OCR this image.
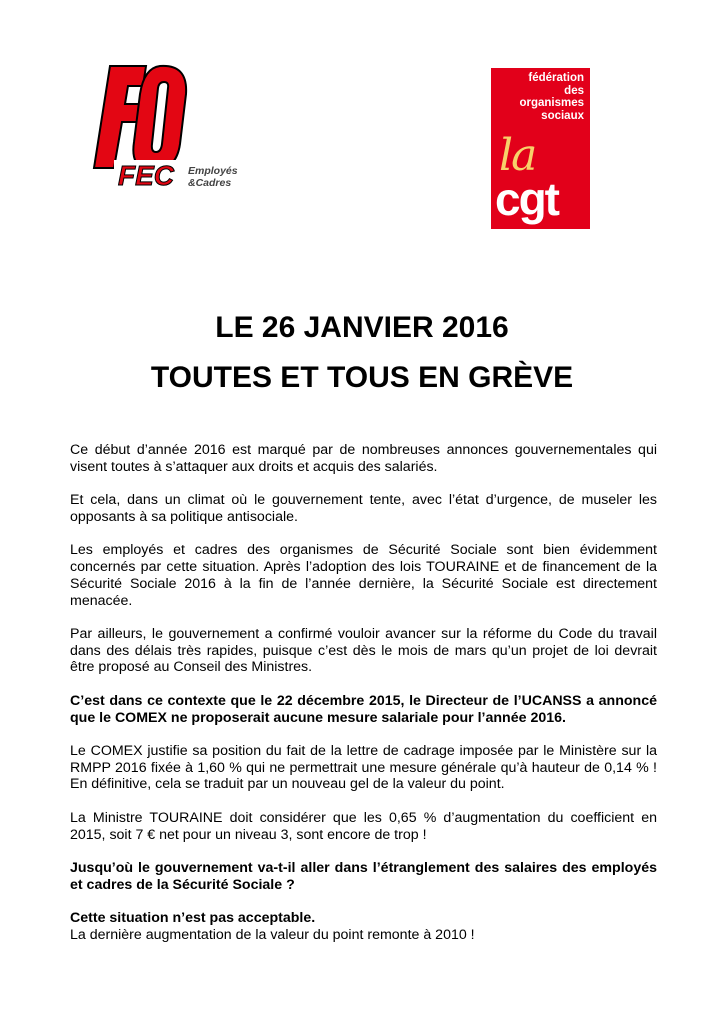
FEC Employés
&Cadres
fédération
des
organismes
sociaux
la
cgt
LE 26 JANVIER 2016
TOUTES ET TOUS EN GRÈVE

Ce début d’année 2016 est marqué par de nombreuses annonces gouvernementales qui visent toutes à s’attaquer aux droits et acquis des salariés.

Et cela, dans un climat où le gouvernement tente, avec l’état d’urgence, de museler les opposants à sa politique antisociale.

Les employés et cadres des organismes de Sécurité Sociale sont bien évidemment concernés par cette situation. Après l’adoption des lois TOURAINE et de financement de la Sécurité Sociale 2016 à la fin de l’année dernière, la Sécurité Sociale est directement menacée.

Par ailleurs, le gouvernement a confirmé vouloir avancer sur la réforme du Code du travail dans des délais très rapides, puisque c’est dès le mois de mars qu’un projet de loi devrait être proposé au Conseil des Ministres.

C’est dans ce contexte que le 22 décembre 2015, le Directeur de l’UCANSS a annoncé que le COMEX ne proposerait aucune mesure salariale pour l’année 2016.

Le COMEX justifie sa position du fait de la lettre de cadrage imposée par le Ministère sur la RMPP 2016 fixée à 1,60 % qui ne permettrait une mesure générale qu’à hauteur de 0,14 % ! En définitive, cela se traduit par un nouveau gel de la valeur du point.

La Ministre TOURAINE doit considérer que les 0,65 % d’augmentation du coefficient en 2015, soit 7 € net pour un niveau 3, sont encore de trop !

Jusqu’où le gouvernement va-t-il aller dans l’étranglement des salaires des employés et cadres de la Sécurité Sociale ?

Cette situation n’est pas acceptable.
La dernière augmentation de la valeur du point remonte à 2010 !
